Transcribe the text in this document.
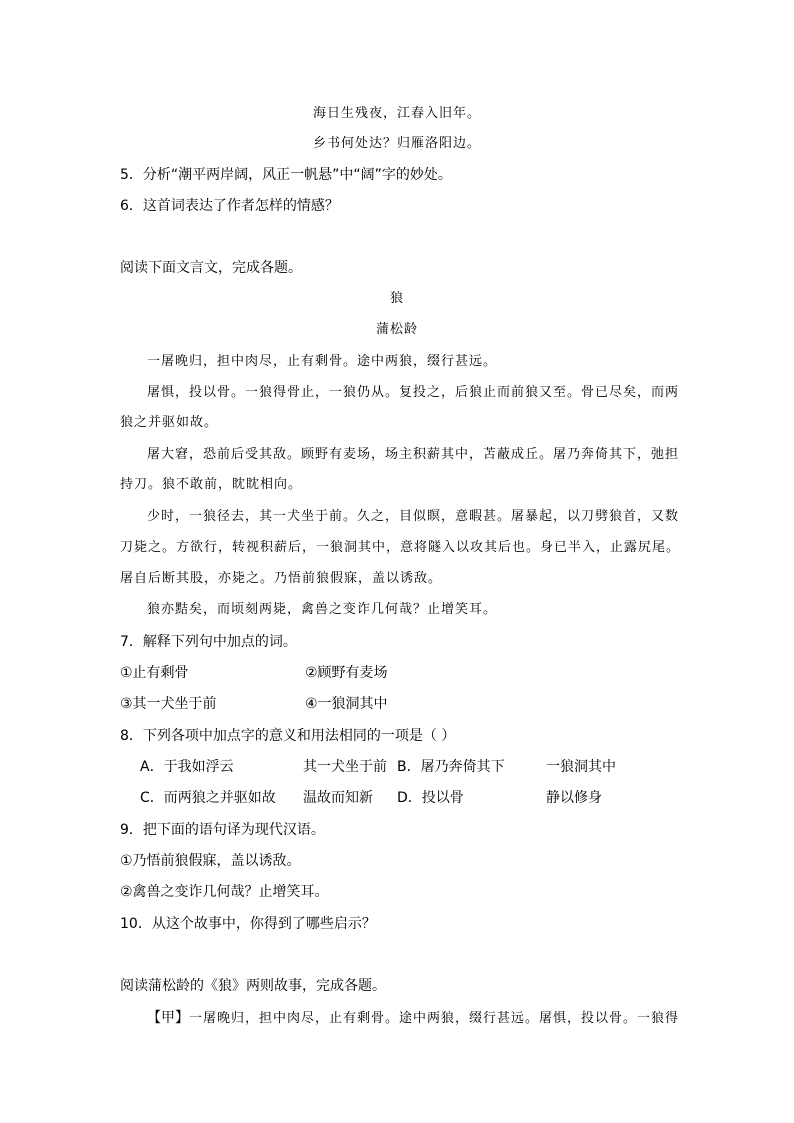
海日生残夜，江春入旧年。
乡书何处达？归雁洛阳边。
5．分析“潮平两岸阔，风正一帆悬”中“阔”字的妙处。
6．这首词表达了作者怎样的情感？
阅读下面文言文，完成各题。
狼
蒲松龄
一屠晚归，担中肉尽，止有剩骨。途中两狼，缀行甚远。
屠惧，投以骨。一狼得骨止，一狼仍从。复投之，后狼止而前狼又至。骨已尽矣，而两
狼之并驱如故。
屠大窘，恐前后受其敌。顾野有麦场，场主积薪其中，苫蔽成丘。屠乃奔倚其下，弛担
持刀。狼不敢前，眈眈相向。
少时，一狼径去，其一犬坐于前。久之，目似瞑，意暇甚。屠暴起，以刀劈狼首，又数
刀毙之。方欲行，转视积薪后，一狼洞其中，意将隧入以攻其后也。身已半入，止露尻尾。
屠自后断其股，亦毙之。乃悟前狼假寐，盖以诱敌。
狼亦黠矣，而顷刻两毙，禽兽之变诈几何哉？止增笑耳。
7．解释下列句中加点的词。
①止有剩骨	②顾野有麦场
③其一犬坐于前	④一狼洞其中
8．下列各项中加点字的意义和用法相同的一项是（ ）
A．于我如浮云	其一犬坐于前 B．屠乃奔倚其下	一狼洞其中
C．而两狼之并驱如故 温故而知新 D．投以骨	静以修身
9．把下面的语句译为现代汉语。
①乃悟前狼假寐，盖以诱敌。
②禽兽之变诈几何哉？止增笑耳。
10．从这个故事中，你得到了哪些启示？
阅读蒲松龄的《狼》两则故事，完成各题。
【甲】一屠晚归，担中肉尽，止有剩骨。途中两狼，缀行甚远。屠惧，投以骨。一狼得
